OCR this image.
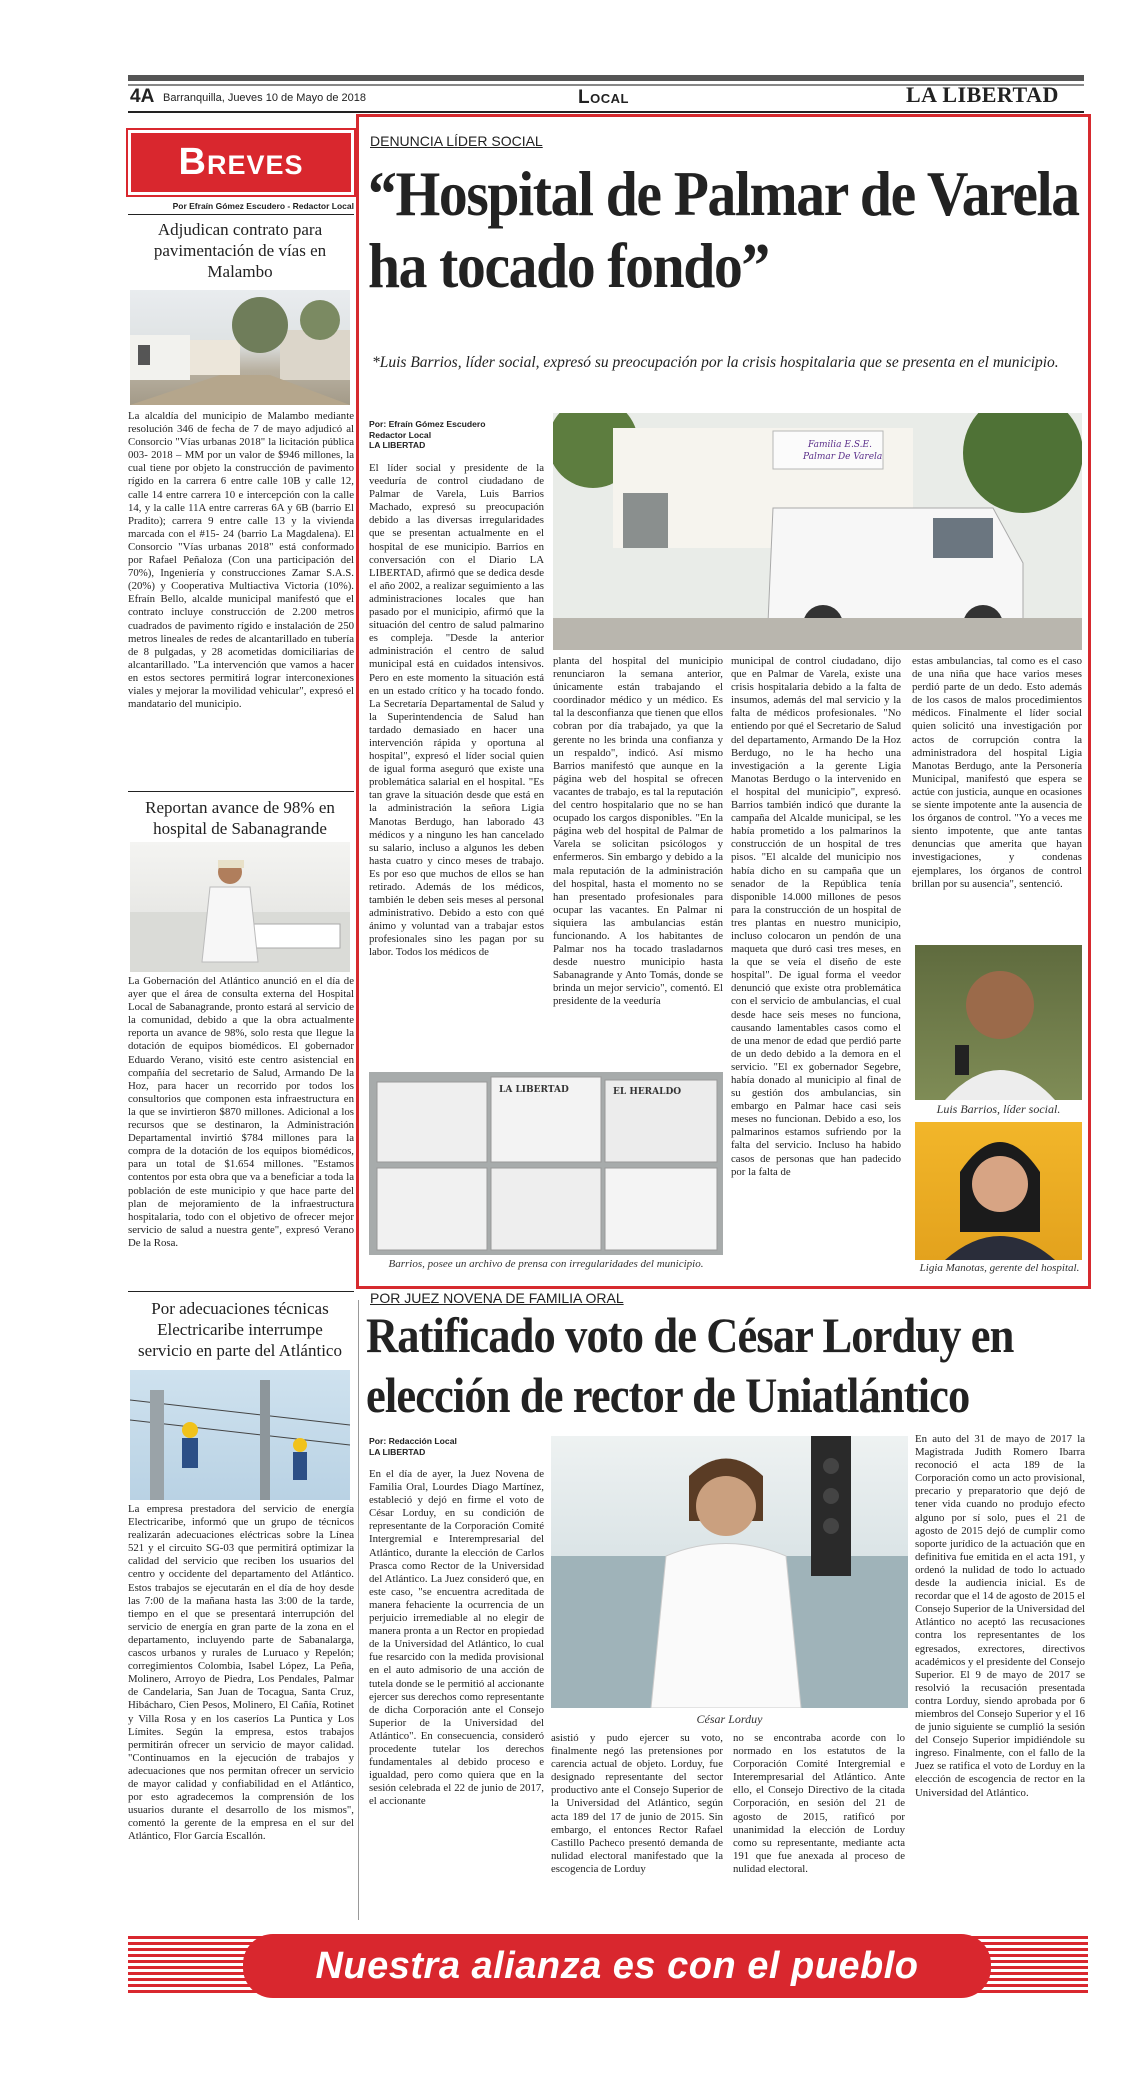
4A Barranquilla, Jueves 10 de Mayo de 2018	Local	LA LIBERTAD
Breves
Por Efraín Gómez Escudero - Redactor Local
Adjudican contrato para pavimentación de vías en Malambo
La alcaldía del municipio de Malambo mediante resolución 346 de fecha de 7 de mayo adjudicó al Consorcio "Vías urbanas 2018" la licitación pública 003- 2018 – MM por un valor de $946 millones, la cual tiene por objeto la construcción de pavimento rígido en la carrera 6 entre calle 10B y calle 12, calle 14 entre carrera 10 e intercepción con la calle 14, y la calle 11A entre carreras 6A y 6B (barrio El Pradito); carrera 9 entre calle 13 y la vivienda marcada con el #15- 24 (barrio La Magdalena). El Consorcio "Vías urbanas 2018" está conformado por Rafael Peñaloza (Con una participación del 70%), Ingeniería y construcciones Zamar S.A.S. (20%) y Cooperativa Multiactiva Victoria (10%). Efraín Bello, alcalde municipal manifestó que el contrato incluye construcción de 2.200 metros cuadrados de pavimento rígido e instalación de 250 metros lineales de redes de alcantarillado en tubería de 8 pulgadas, y 28 acometidas domiciliarias de alcantarillado. "La intervención que vamos a hacer en estos sectores permitirá lograr interconexiones viales y mejorar la movilidad vehicular", expresó el mandatario del municipio.
Reportan avance de 98% en hospital de Sabanagrande
La Gobernación del Atlántico anunció en el día de ayer que el área de consulta externa del Hospital Local de Sabanagrande, pronto estará al servicio de la comunidad, debido a que la obra actualmente reporta un avance de 98%, solo resta que llegue la dotación de equipos biomédicos. El gobernador Eduardo Verano, visitó este centro asistencial en compañía del secretario de Salud, Armando De la Hoz, para hacer un recorrido por todos los consultorios que componen esta infraestructura en la que se invirtieron $870 millones. Adicional a los recursos que se destinaron, la Administración Departamental invirtió $784 millones para la compra de la dotación de los equipos biomédicos, para un total de $1.654 millones. "Estamos contentos por esta obra que va a beneficiar a toda la población de este municipio y que hace parte del plan de mejoramiento de la infraestructura hospitalaria, todo con el objetivo de ofrecer mejor servicio de salud a nuestra gente", expresó Verano De la Rosa.
Por adecuaciones técnicas Electricaribe interrumpe servicio en parte del Atlántico
La empresa prestadora del servicio de energía Electricaribe, informó que un grupo de técnicos realizarán adecuaciones eléctricas sobre la Línea 521 y el circuito SG-03 que permitirá optimizar la calidad del servicio que reciben los usuarios del centro y occidente del departamento del Atlántico. Estos trabajos se ejecutarán en el día de hoy desde las 7:00 de la mañana hasta las 3:00 de la tarde, tiempo en el que se presentará interrupción del servicio de energía en gran parte de la zona en el departamento, incluyendo parte de Sabanalarga, cascos urbanos y rurales de Luruaco y Repelón; corregimientos Colombia, Isabel López, La Peña, Molinero, Arroyo de Piedra, Los Pendales, Palmar de Candelaria, San Juan de Tocagua, Santa Cruz, Hibácharo, Cien Pesos, Molinero, El Cañía, Rotinet y Villa Rosa y en los caseríos La Puntica y Los Límites. Según la empresa, estos trabajos permitirán ofrecer un servicio de mayor calidad. "Continuamos en la ejecución de trabajos y adecuaciones que nos permitan ofrecer un servicio de mayor calidad y confiabilidad en el Atlántico, por esto agradecemos la comprensión de los usuarios durante el desarrollo de los mismos", comentó la gerente de la empresa en el sur del Atlántico, Flor García Escallón.
DENUNCIA LÍDER SOCIAL
“Hospital de Palmar de Varela ha tocado fondo”
*Luis Barrios, líder social, expresó su preocupación por la crisis hospitalaria que se presenta en el municipio.
Por: Efraín Gómez Escudero
Redactor Local
LA LIBERTAD
El líder social y presidente de la veeduría de control ciudadano de Palmar de Varela, Luis Barrios Machado, expresó su preocupación debido a las diversas irregularidades que se presentan actualmente en el hospital de ese municipio. Barrios en conversación con el Diario LA LIBERTAD, afirmó que se dedica desde el año 2002, a realizar seguimiento a las administraciones locales que han pasado por el municipio, afirmó que la situación del centro de salud palmarino es compleja. "Desde la anterior administración el centro de salud municipal está en cuidados intensivos. Pero en este momento la situación está en un estado crítico y ha tocado fondo. La Secretaría Departamental de Salud y la Superintendencia de Salud han tardado demasiado en hacer una intervención rápida y oportuna al hospital", expresó el líder social quien de igual forma aseguró que existe una problemática salarial en el hospital. "Es tan grave la situación desde que está en la administración la señora Ligia Manotas Berdugo, han laborado 43 médicos y a ninguno les han cancelado su salario, incluso a algunos les deben hasta cuatro y cinco meses de trabajo. Es por eso que muchos de ellos se han retirado. Además de los médicos, también le deben seis meses al personal administrativo. Debido a esto con qué ánimo y voluntad van a trabajar estos profesionales sino les pagan por su labor. Todos los médicos de
Familia E.S.E.
Palmar De Varela
planta del hospital del municipio renunciaron la semana anterior, únicamente están trabajando el coordinador médico y un médico. Es tal la desconfianza que tienen que ellos cobran por día trabajado, ya que la gerente no les brinda una confianza y un respaldo", indicó. Así mismo Barrios manifestó que aunque en la página web del hospital se ofrecen vacantes de trabajo, es tal la reputación del centro hospitalario que no se han ocupado los cargos disponibles. "En la página web del hospital de Palmar de Varela se solicitan psicólogos y enfermeros. Sin embargo y debido a la mala reputación de la administración del hospital, hasta el momento no se han presentado profesionales para ocupar las vacantes. En Palmar ni siquiera las ambulancias están funcionando. A los habitantes de Palmar nos ha tocado trasladarnos desde nuestro municipio hasta Sabanagrande y Anto Tomás, donde se brinda un mejor servicio", comentó. El presidente de la veeduría
municipal de control ciudadano, dijo que en Palmar de Varela, existe una crisis hospitalaria debido a la falta de insumos, además del mal servicio y la falta de médicos profesionales. "No entiendo por qué el Secretario de Salud del departamento, Armando De la Hoz Berdugo, no le ha hecho una investigación a la gerente Ligia Manotas Berdugo o la intervenido en el hospital del municipio", expresó. Barrios también indicó que durante la campaña del Alcalde municipal, se les había prometido a los palmarinos la construcción de un hospital de tres pisos. "El alcalde del municipio nos había dicho en su campaña que un senador de la República tenía disponible 14.000 millones de pesos para la construcción de un hospital de tres plantas en nuestro municipio, incluso colocaron un pendón de una maqueta que duró casi tres meses, en la que se veía el diseño de este hospital". De igual forma el veedor denunció que existe otra problemática con el servicio de ambulancias, el cual desde hace seis meses no funciona, causando lamentables casos como el de una menor de edad que perdió parte de un dedo debido a la demora en el servicio. "El ex gobernador Segebre, había donado al municipio al final de su gestión dos ambulancias, sin embargo en Palmar hace casi seis meses no funcionan. Debido a eso, los palmarinos estamos sufriendo por la falta del servicio. Incluso ha habido casos de personas que han padecido por la falta de
estas ambulancias, tal como es el caso de una niña que hace varios meses perdió parte de un dedo. Esto además de los casos de malos procedimientos médicos. Finalmente el líder social quien solicitó una investigación por actos de corrupción contra la administradora del hospital Ligia Manotas Berdugo, ante la Personería Municipal, manifestó que espera se actúe con justicia, aunque en ocasiones se siente impotente ante la ausencia de los órganos de control. "Yo a veces me siento impotente, que ante tantas denuncias que amerita que hayan investigaciones, y condenas ejemplares, los órganos de control brillan por su ausencia", sentenció.
LA LIBERTAD	EL HERALDO
Barrios, posee un archivo de prensa con irregularidades del municipio.
Luis Barrios, líder social.
Ligia Manotas, gerente del hospital.
POR JUEZ NOVENA DE FAMILIA ORAL
Ratificado voto de César Lorduy en elección de rector de Uniatlántico
Por: Redacción Local
LA LIBERTAD
En el día de ayer, la Juez Novena de Familia Oral, Lourdes Diago Martínez, estableció y dejó en firme el voto de César Lorduy, en su condición de representante de la Corporación Comité Intergremial e Interempresarial del Atlántico, durante la elección de Carlos Prasca como Rector de la Universidad del Atlántico. La Juez consideró que, en este caso, "se encuentra acreditada de manera fehaciente la ocurrencia de un perjuicio irremediable al no elegir de manera pronta a un Rector en propiedad de la Universidad del Atlántico, lo cual fue resarcido con la medida provisional en el auto admisorio de una acción de tutela donde se le permitió al accionante ejercer sus derechos como representante de dicha Corporación ante el Consejo Superior de la Universidad del Atlántico". En consecuencia, consideró procedente tutelar los derechos fundamentales al debido proceso e igualdad, pero como quiera que en la sesión celebrada el 22 de junio de 2017, el accionante
César Lorduy
asistió y pudo ejercer su voto, finalmente negó las pretensiones por carencia actual de objeto. Lorduy, fue designado representante del sector productivo ante el Consejo Superior de la Universidad del Atlántico, según acta 189 del 17 de junio de 2015. Sin embargo, el entonces Rector Rafael Castillo Pacheco presentó demanda de nulidad electoral manifestado que la escogencia de Lorduy
no se encontraba acorde con lo normado en los estatutos de la Corporación Comité Intergremial e Interempresarial del Atlántico. Ante ello, el Consejo Directivo de la citada Corporación, en sesión del 21 de agosto de 2015, ratificó por unanimidad la elección de Lorduy como su representante, mediante acta 191 que fue anexada al proceso de nulidad electoral.
En auto del 31 de mayo de 2017 la Magistrada Judith Romero Ibarra reconoció el acta 189 de la Corporación como un acto provisional, precario y preparatorio que dejó de tener vida cuando no produjo efecto alguno por sí solo, pues el 21 de agosto de 2015 dejó de cumplir como soporte jurídico de la actuación que en definitiva fue emitida en el acta 191, y ordenó la nulidad de todo lo actuado desde la audiencia inicial. Es de recordar que el 14 de agosto de 2015 el Consejo Superior de la Universidad del Atlántico no aceptó las recusaciones contra los representantes de los egresados, exrectores, directivos académicos y el presidente del Consejo Superior. El 9 de mayo de 2017 se resolvió la recusación presentada contra Lorduy, siendo aprobada por 6 miembros del Consejo Superior y el 16 de junio siguiente se cumplió la sesión del Consejo Superior impidiéndole su ingreso. Finalmente, con el fallo de la Juez se ratifica el voto de Lorduy en la elección de escogencia de rector en la Universidad del Atlántico.
Nuestra alianza es con el pueblo
